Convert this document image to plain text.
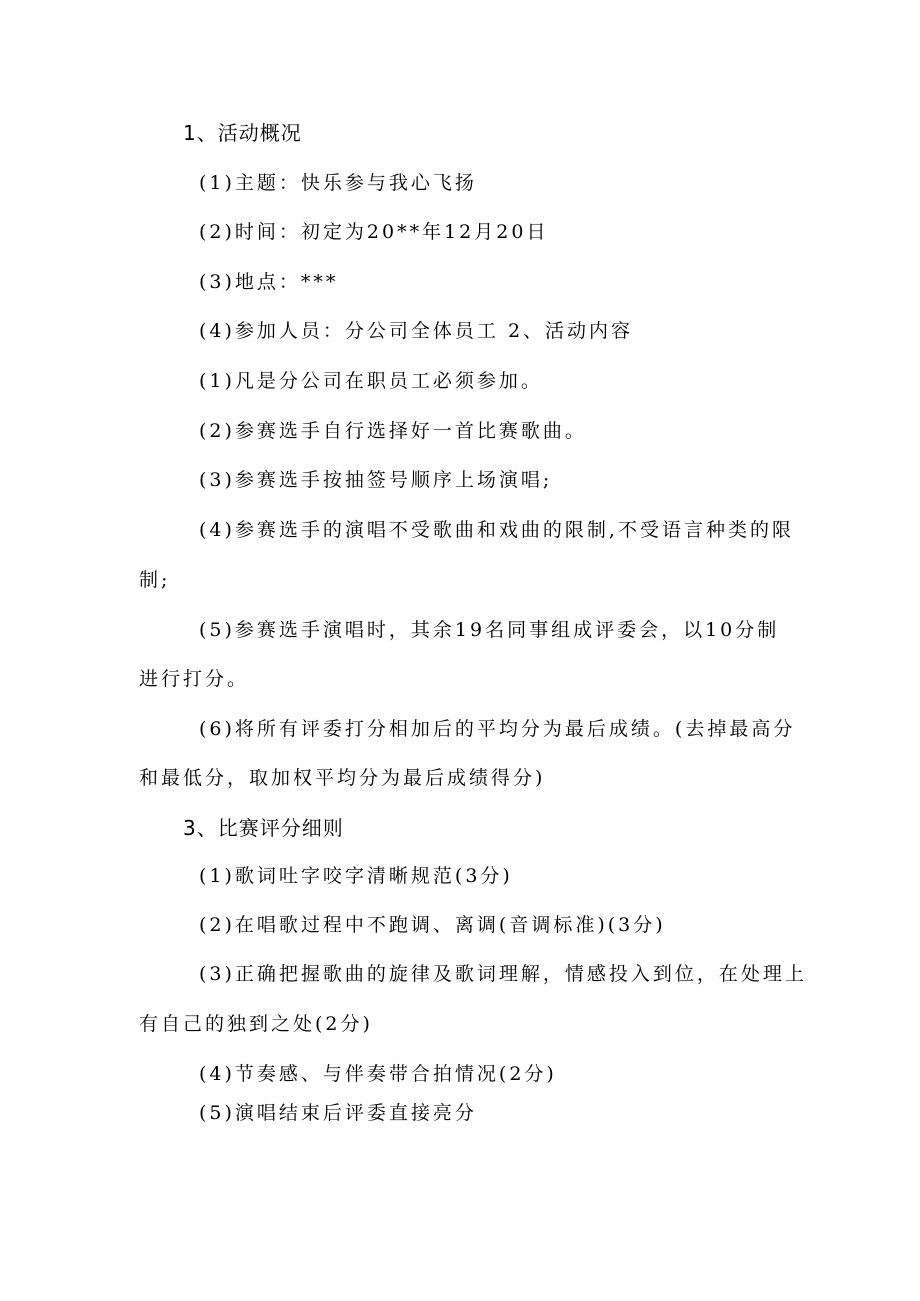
1、活动概况
(1)主题：快乐参与我心飞扬
(2)时间：初定为20**年12月20日
(3)地点：***
(4)参加人员：分公司全体员工 2、活动内容
(1)凡是分公司在职员工必须参加。
(2)参赛选手自行选择好一首比赛歌曲。
(3)参赛选手按抽签号顺序上场演唱;
(4)参赛选手的演唱不受歌曲和戏曲的限制,不受语言种类的限
制;
(5)参赛选手演唱时，其余19名同事组成评委会，以10分制
进行打分。
(6)将所有评委打分相加后的平均分为最后成绩。(去掉最高分
和最低分，取加权平均分为最后成绩得分)
3、比赛评分细则
(1)歌词吐字咬字清晰规范(3分)
(2)在唱歌过程中不跑调、离调(音调标准)(3分)
(3)正确把握歌曲的旋律及歌词理解，情感投入到位，在处理上
有自己的独到之处(2分)
(4)节奏感、与伴奏带合拍情况(2分)
(5)演唱结束后评委直接亮分
